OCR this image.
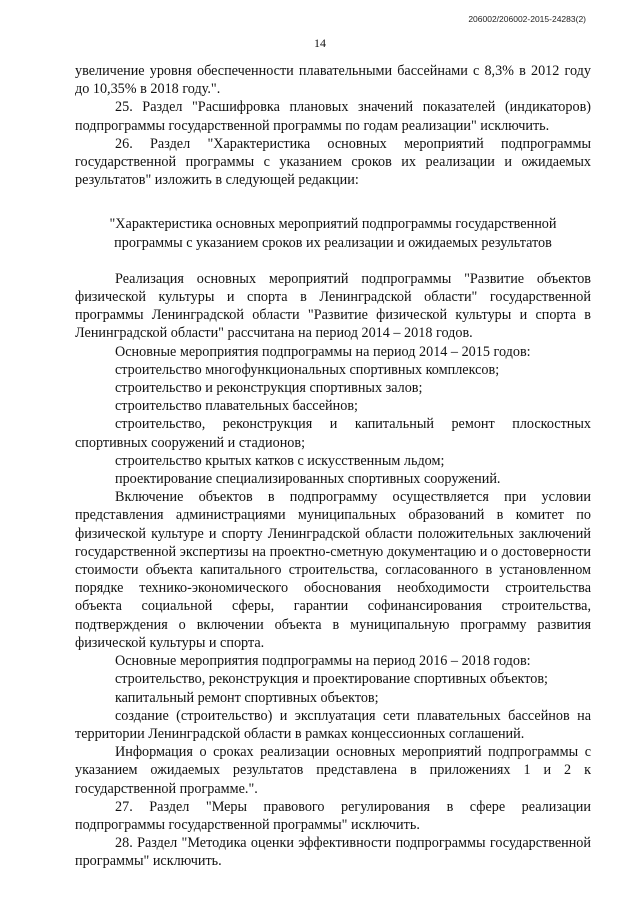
206002/206002-2015-24283(2)
14

увеличение уровня обеспеченности плавательными бассейнами с 8,3% в 2012 году до 10,35% в 2018 году.".

25. Раздел "Расшифровка плановых значений показателей (индикаторов) подпрограммы государственной программы по годам реализации" исключить.

26. Раздел "Характеристика основных мероприятий подпрограммы государственной программы с указанием сроков их реализации и ожидаемых результатов" изложить в следующей редакции:

"Характеристика основных мероприятий подпрограммы государственной программы с указанием сроков их реализации и ожидаемых результатов

Реализация основных мероприятий подпрограммы "Развитие объектов физической культуры и спорта в Ленинградской области" государственной программы Ленинградской области "Развитие физической культуры и спорта в Ленинградской области" рассчитана на период 2014 – 2018 годов.

Основные мероприятия подпрограммы на период 2014 – 2015 годов:

строительство многофункциональных спортивных комплексов;

строительство и реконструкция спортивных залов;

строительство плавательных бассейнов;

строительство, реконструкция и капитальный ремонт плоскостных спортивных сооружений и стадионов;

строительство крытых катков с искусственным льдом;

проектирование специализированных спортивных сооружений.

Включение объектов в подпрограмму осуществляется при условии представления администрациями муниципальных образований в комитет по физической культуре и спорту Ленинградской области положительных заключений государственной экспертизы на проектно-сметную документацию и о достоверности стоимости объекта капитального строительства, согласованного в установленном порядке технико-экономического обоснования необходимости строительства объекта социальной сферы, гарантии софинансирования строительства, подтверждения о включении объекта в муниципальную программу развития физической культуры и спорта.

Основные мероприятия подпрограммы на период 2016 – 2018 годов:

строительство, реконструкция и проектирование спортивных объектов;

капитальный ремонт спортивных объектов;

создание (строительство) и эксплуатация сети плавательных бассейнов на территории Ленинградской области в рамках концессионных соглашений.

Информация о сроках реализации основных мероприятий подпрограммы с указанием ожидаемых результатов представлена в приложениях 1 и 2 к государственной программе.".

27. Раздел "Меры правового регулирования в сфере реализации подпрограммы государственной программы" исключить.

28. Раздел "Методика оценки эффективности подпрограммы государственной программы" исключить.
